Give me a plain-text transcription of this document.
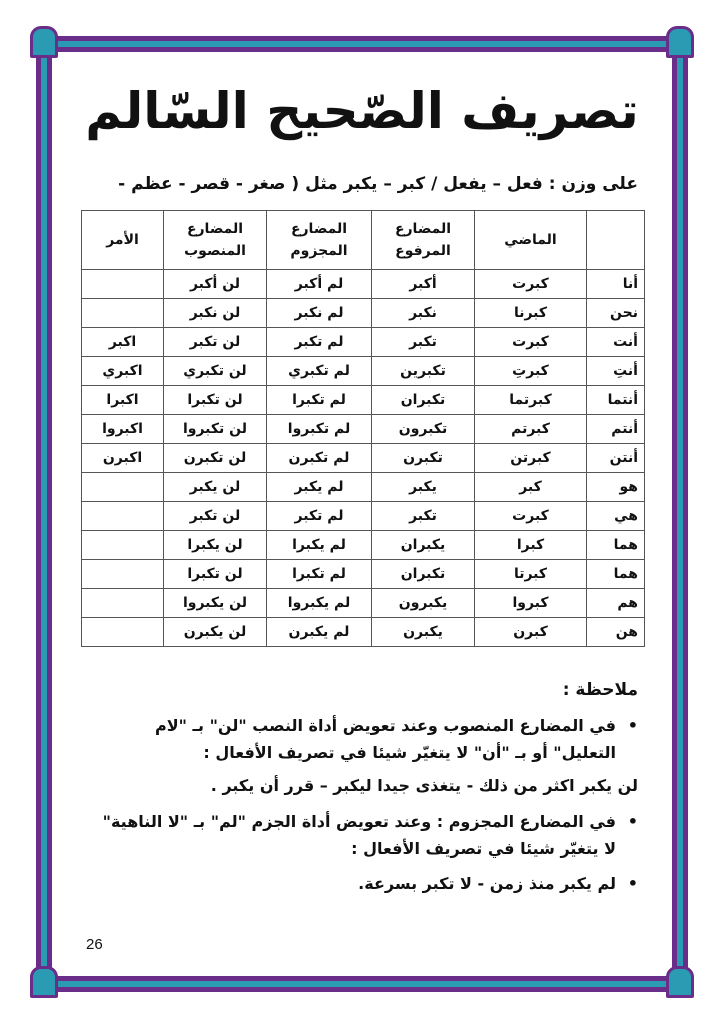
تصريف الصّحيح السّالم
على وزن : فعل – يفعل / كبر – يكبر مثل ( صغر - قصر - عظم -
	الماضي	المضارع المرفوع	المضارع المجزوم	المضارع المنصوب	الأمر
أنا	كبرت	أكبر	لم أكبر	لن أكبر	
نحن	كبرنا	نكبر	لم نكبر	لن نكبر	
أنت	كبرت	تكبر	لم تكبر	لن تكبر	اكبر
أنتِ	كبرتِ	تكبرين	لم تكبري	لن تكبري	اكبري
أنتما	كبرتما	تكبران	لم تكبرا	لن تكبرا	اكبرا
أنتم	كبرتم	تكبرون	لم تكبروا	لن تكبروا	اكبروا
أنتن	كبرتن	تكبرن	لم تكبرن	لن تكبرن	اكبرن
هو	كبر	يكبر	لم يكبر	لن يكبر	
هي	كبرت	تكبر	لم تكبر	لن تكبر	
هما	كبرا	يكبران	لم يكبرا	لن يكبرا	
هما	كبرتا	تكبران	لم تكبرا	لن تكبرا	
هم	كبروا	يكبرون	لم يكبروا	لن يكبروا	
هن	كبرن	يكبرن	لم يكبرن	لن يكبرن	
ملاحظة :
• في المضارع المنصوب وعند تعويض أداة النصب "لن" بـ "لام التعليل" أو بـ "أن" لا يتغيّر شيئا في تصريف الأفعال :
لن يكبر اكثر من ذلك - يتغذى جيدا ليكبر – قرر أن يكبر .
• في المضارع المجزوم : وعند تعويض أداة الجزم "لم" بـ "لا الناهية" لا يتغيّر شيئا في تصريف الأفعال :
• لم يكبر منذ زمن - لا تكبر بسرعة.
26
